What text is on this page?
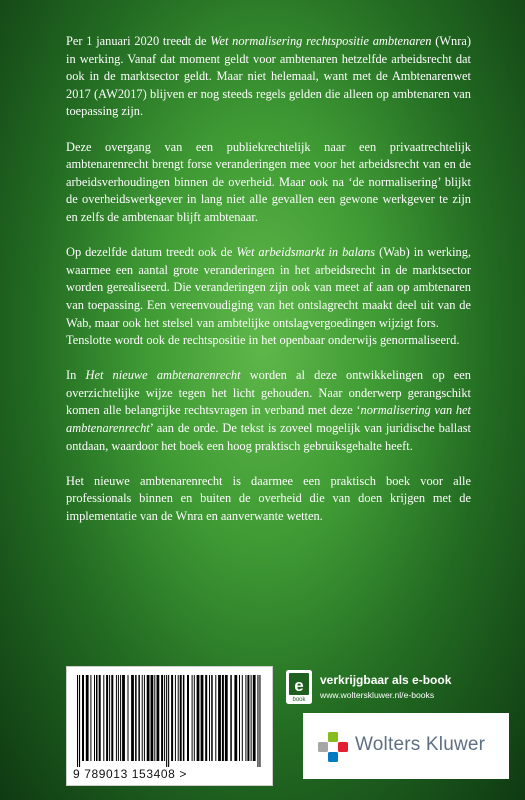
Per 1 januari 2020 treedt de Wet normalisering rechtspositie ambtenaren (Wnra) in werking. Vanaf dat moment geldt voor ambtenaren hetzelfde arbeidsrecht dat ook in de marktsector geldt. Maar niet helemaal, want met de Ambtenarenwet 2017 (AW2017) blijven er nog steeds regels gelden die alleen op ambtenaren van toepassing zijn.

Deze overgang van een publiekrechtelijk naar een privaatrechtelijk ambtenarenrecht brengt forse veranderingen mee voor het arbeidsrecht van en de arbeidsverhoudingen binnen de overheid. Maar ook na ‘de normalisering’ blijkt de overheidswerkgever in lang niet alle gevallen een gewone werkgever te zijn en zelfs de ambtenaar blijft ambtenaar.

Op dezelfde datum treedt ook de Wet arbeidsmarkt in balans (Wab) in werking, waarmee een aantal grote veranderingen in het arbeidsrecht in de marktsector worden gerealiseerd. Die veranderingen zijn ook van meet af aan op ambtenaren van toepassing. Een vereenvoudiging van het ontslagrecht maakt deel uit van de Wab, maar ook het stelsel van ambtelijke ontslagvergoedingen wijzigt fors.
Tenslotte wordt ook de rechtspositie in het openbaar onderwijs genormaliseerd.

In Het nieuwe ambtenarenrecht worden al deze ontwikkelingen op een overzichtelijke wijze tegen het licht gehouden. Naar onderwerp gerangschikt komen alle belangrijke rechtsvragen in verband met deze ‘normalisering van het ambtenarenrecht’ aan de orde. De tekst is zoveel mogelijk van juridische ballast ontdaan, waardoor het boek een hoog praktisch gebruiksgehalte heeft.

Het nieuwe ambtenarenrecht is daarmee een praktisch boek voor alle professionals binnen en buiten de overheid die van doen krijgen met de implementatie van de Wnra en aanverwante wetten.

9 789013 153408 >
e
book
verkrijgbaar als e-book
www.wolterskluwer.nl/e-books
Wolters Kluwer
